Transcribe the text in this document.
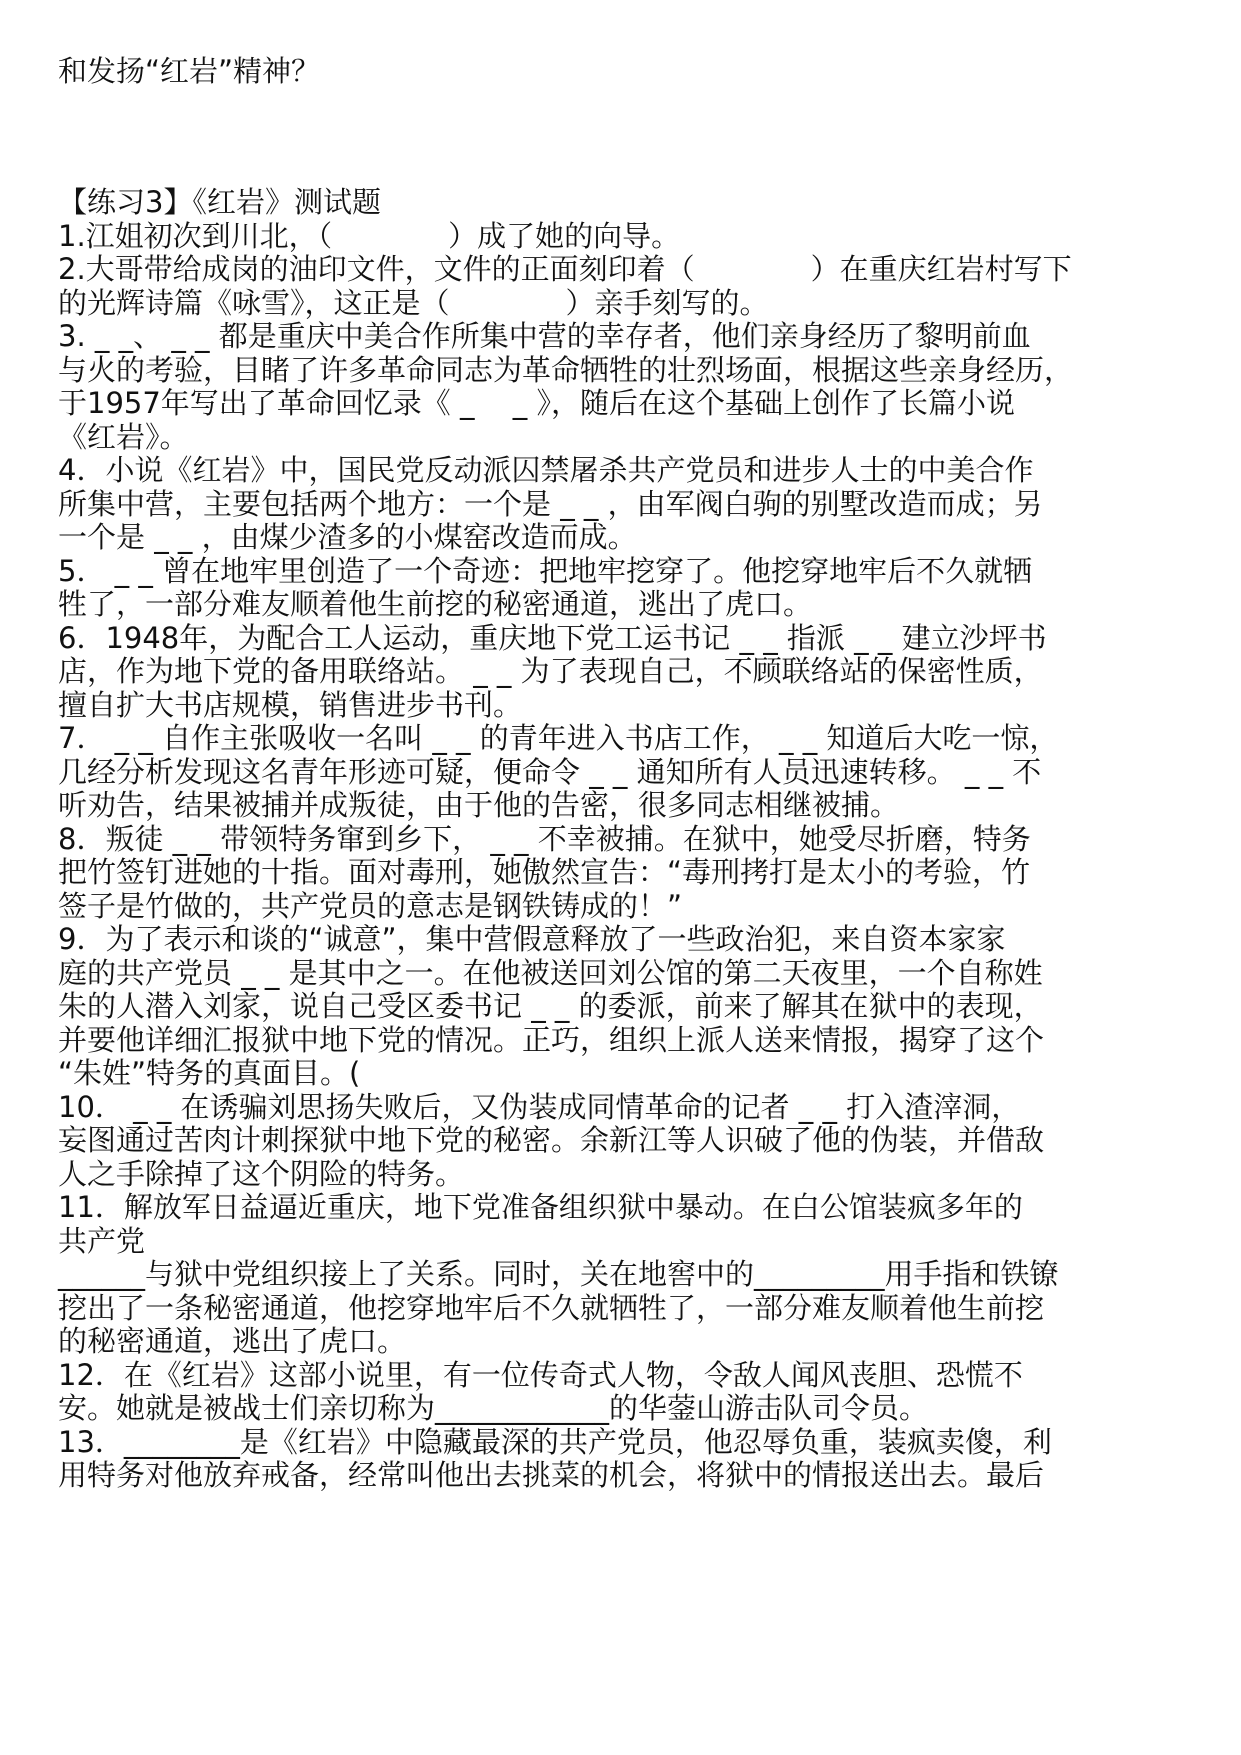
和发扬“红岩”精神？
【练习3】《红岩》测试题
1.江姐初次到川北，（　　　　）成了她的向导。
2.大哥带给成岗的油印文件，文件的正面刻印着（　　　　）在重庆红岩村写下
的光辉诗篇《咏雪》，这正是（　　　　）亲手刻写的。
3. _ _、 _ _ 都是重庆中美合作所集中营的幸存者，他们亲身经历了黎明前血
与火的考验，目睹了许多革命同志为革命牺牲的壮烈场面，根据这些亲身经历，
于1957年写出了革命回忆录《 _ 　_ 》，随后在这个基础上创作了长篇小说
《红岩》。
4．小说《红岩》中，国民党反动派囚禁屠杀共产党员和进步人士的中美合作
所集中营，主要包括两个地方：一个是 _ _ ，由军阀白驹的别墅改造而成；另
一个是 _ _ ，由煤少渣多的小煤窑改造而成。
5． _ _ 曾在地牢里创造了一个奇迹：把地牢挖穿了。他挖穿地牢后不久就牺
牲了，一部分难友顺着他生前挖的秘密通道，逃出了虎口。
6．1948年，为配合工人运动，重庆地下党工运书记 _ _ 指派 _ _ 建立沙坪书
店，作为地下党的备用联络站。 _ _ 为了表现自己，不顾联络站的保密性质，
擅自扩大书店规模，销售进步书刊。
7． _ _ 自作主张吸收一名叫 _ _ 的青年进入书店工作， _ _ 知道后大吃一惊，
几经分析发现这名青年形迹可疑，便命令 _ _ 通知所有人员迅速转移。 _ _ 不
听劝告，结果被捕并成叛徒，由于他的告密，很多同志相继被捕。
8．叛徒 _ _ 带领特务窜到乡下， _ _ 不幸被捕。在狱中，她受尽折磨，特务
把竹签钉进她的十指。面对毒刑，她傲然宣告：“毒刑拷打是太小的考验，竹
签子是竹做的，共产党员的意志是钢铁铸成的！”
9．为了表示和谈的“诚意”，集中营假意释放了一些政治犯，来自资本家家
庭的共产党员 _ _ 是其中之一。在他被送回刘公馆的第二天夜里，一个自称姓
朱的人潜入刘家，说自己受区委书记 _ _ 的委派，前来了解其在狱中的表现，
并要他详细汇报狱中地下党的情况。正巧，组织上派人送来情报，揭穿了这个
“朱姓”特务的真面目。(
10． _ _ 在诱骗刘思扬失败后，又伪装成同情革命的记者 _ _ 打入渣滓洞，
妄图通过苦肉计刺探狱中地下党的秘密。余新江等人识破了他的伪装，并借敌
人之手除掉了这个阴险的特务。
11．解放军日益逼近重庆，地下党准备组织狱中暴动。在白公馆装疯多年的
共产党
______与狱中党组织接上了关系。同时，关在地窖中的_________用手指和铁镣
挖出了一条秘密通道，他挖穿地牢后不久就牺牲了，一部分难友顺着他生前挖
的秘密通道，逃出了虎口。
12．在《红岩》这部小说里，有一位传奇式人物，令敌人闻风丧胆、恐慌不
安。她就是被战士们亲切称为____________的华蓥山游击队司令员。
13．________是《红岩》中隐藏最深的共产党员，他忍辱负重，装疯卖傻，利
用特务对他放弃戒备，经常叫他出去挑菜的机会，将狱中的情报送出去。最后
